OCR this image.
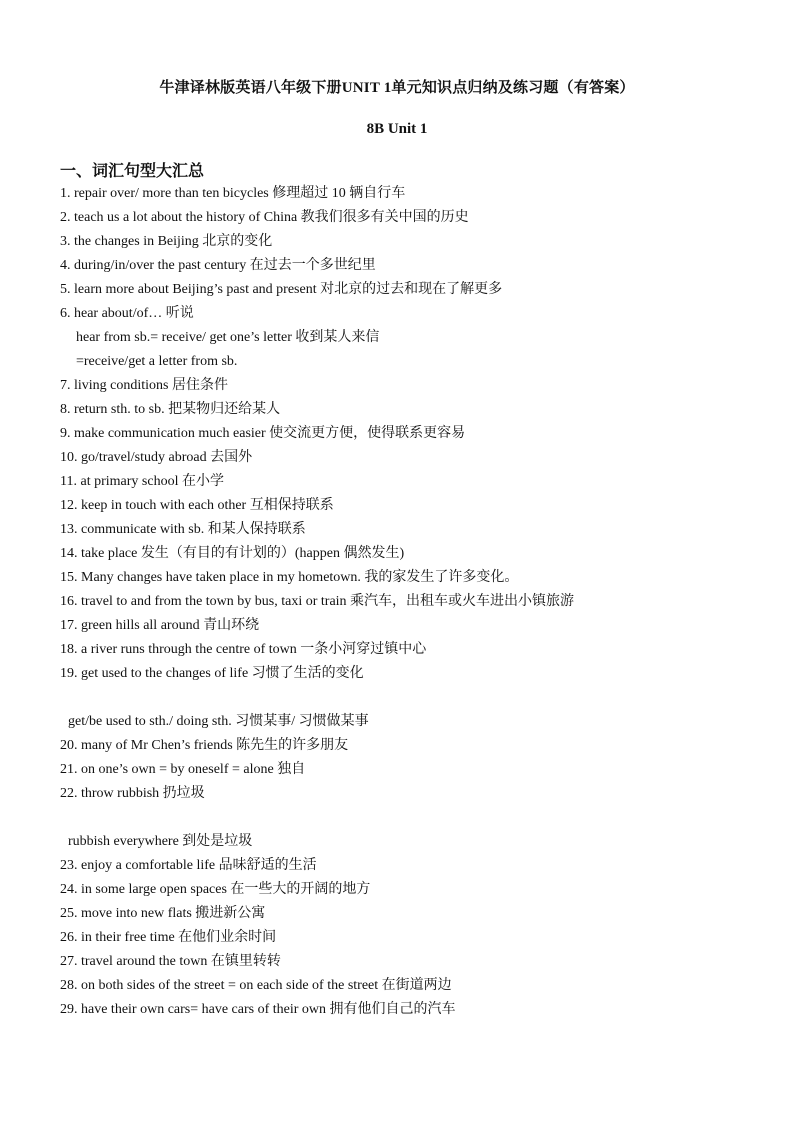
牛津译林版英语八年级下册UNIT 1单元知识点归纳及练习题（有答案）
8B Unit 1
一、词汇句型大汇总
1. repair over/ more than ten bicycles 修理超过 10 辆自行车
2. teach us a lot about the history of China 教我们很多有关中国的历史
3. the changes in Beijing 北京的变化
4. during/in/over the past century 在过去一个多世纪里
5. learn more about Beijing’s past and present 对北京的过去和现在了解更多
6. hear about/of… 听说
hear from sb.= receive/ get one’s letter 收到某人来信
=receive/get a letter from sb.
7. living conditions 居住条件
8. return sth. to sb. 把某物归还给某人
9. make communication much easier 使交流更方便，使得联系更容易
10. go/travel/study abroad 去国外
11. at primary school 在小学
12. keep in touch with each other 互相保持联系
13. communicate with sb. 和某人保持联系
14. take place 发生（有目的有计划的）(happen 偶然发生)
15. Many changes have taken place in my hometown. 我的家发生了许多变化。
16. travel to and from the town by bus, taxi or train 乘汽车，出租车或火车进出小镇旅游
17. green hills all around 青山环绕
18. a river runs through the centre of town 一条小河穿过镇中心
19. get used to the changes of life 习惯了生活的变化
get/be used to sth./ doing sth. 习惯某事/ 习惯做某事
20. many of Mr Chen’s friends 陈先生的许多朋友
21. on one’s own = by oneself = alone 独自
22. throw rubbish 扔垃圾
rubbish everywhere 到处是垃圾
23. enjoy a comfortable life 品味舒适的生活
24. in some large open spaces 在一些大的开阔的地方
25. move into new flats 搬进新公寓
26. in their free time 在他们业余时间
27. travel around the town 在镇里转转
28. on both sides of the street = on each side of the street 在街道两边
29. have their own cars= have cars of their own 拥有他们自己的汽车
